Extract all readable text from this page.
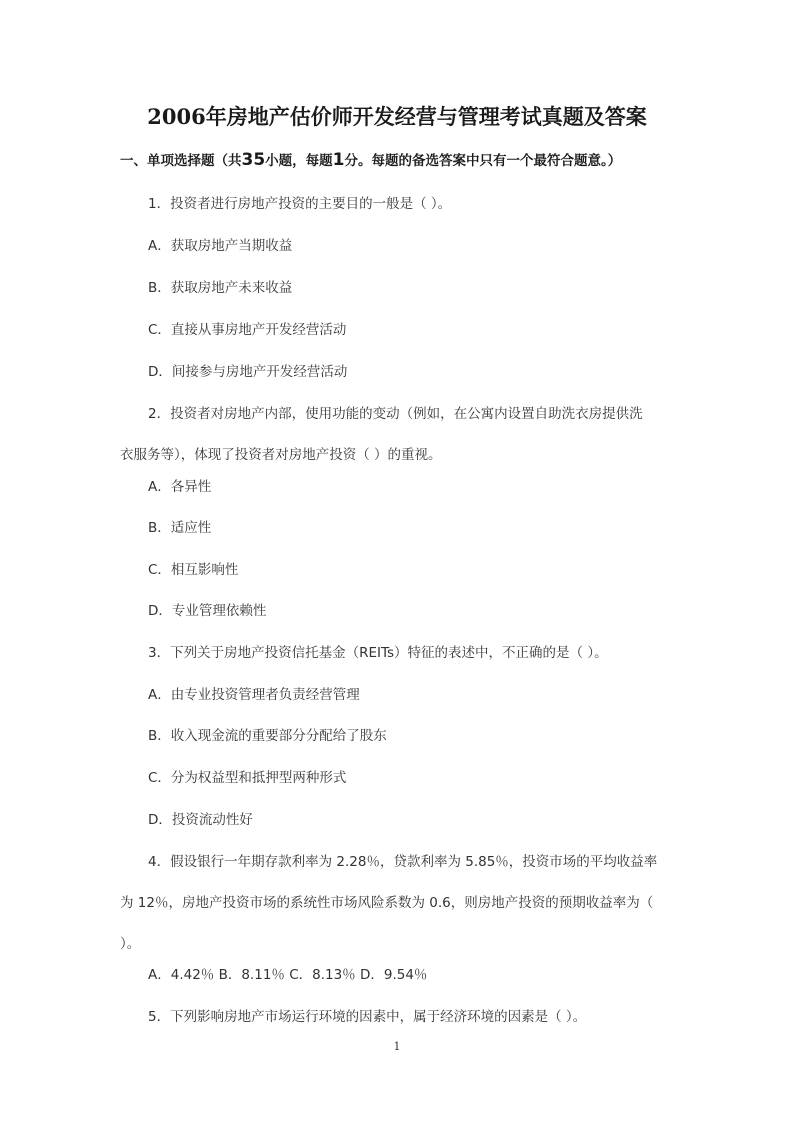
2006年房地产估价师开发经营与管理考试真题及答案
一、单项选择题（共35小题，每题1分。每题的备选答案中只有一个最符合题意。）
1．投资者进行房地产投资的主要目的一般是（ ）。
A．获取房地产当期收益
B．获取房地产未来收益
C．直接从事房地产开发经营活动
D．间接参与房地产开发经营活动
2．投资者对房地产内部，使用功能的变动（例如，在公寓内设置自助洗衣房提供洗
衣服务等），体现了投资者对房地产投资（ ）的重视。
A．各异性
B．适应性
C．相互影响性
D．专业管理依赖性
3．下列关于房地产投资信托基金（REITs）特征的表述中，不正确的是（ ）。
A．由专业投资管理者负责经营管理
B．收入现金流的重要部分分配给了股东
C．分为权益型和抵押型两种形式
D．投资流动性好
4．假设银行一年期存款利率为 2.28％，贷款利率为 5.85％，投资市场的平均收益率
为 12％，房地产投资市场的系统性市场风险系数为 0.6，则房地产投资的预期收益率为（
）。
A．4.42％ B．8.11％ C．8.13％ D．9.54％
5．下列影响房地产市场运行环境的因素中，属于经济环境的因素是（ ）。
1
